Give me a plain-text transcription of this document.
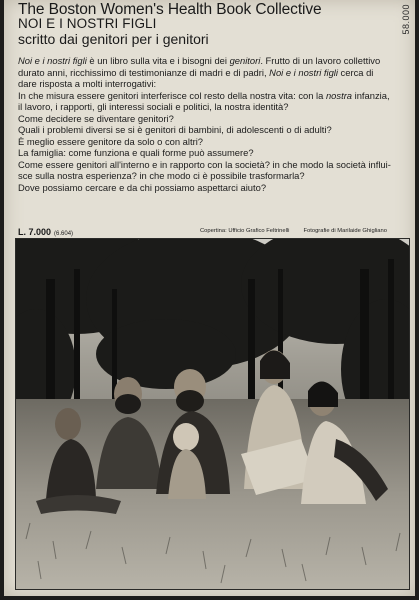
The Boston Women's Health Book Collective
NOI E I NOSTRI FIGLI
scritto dai genitori per i genitori
58.000

Noi e i nostri figli è un libro sulla vita e i bisogni dei genitori. Frutto di un lavoro collettivo

durato anni, ricchissimo di testimonianze di madri e di padri, Noi e i nostri figli cerca di

dare risposta a molti interrogativi:

In che misura essere genitori interferisce col resto della nostra vita: con la nostra infanzia,

il lavoro, i rapporti, gli interessi sociali e politici, la nostra identità?

Come decidere se diventare genitori?

Quali i problemi diversi se si è genitori di bambini, di adolescenti o di adulti?

È meglio essere genitore da solo o con altri?

La famiglia: come funziona e quali forme può assumere?

Come essere genitori all'interno e in rapporto con la società? in che modo la società influi-

sce sulla nostra esperienza? in che modo ci è possibile trasformarla?

Dove possiamo cercare e da chi possiamo aspettarci aiuto?

L. 7.000 (6.604)	Copertina: Ufficio Grafico Feltrinelli Fotografie di Marilaide Ghigliano
